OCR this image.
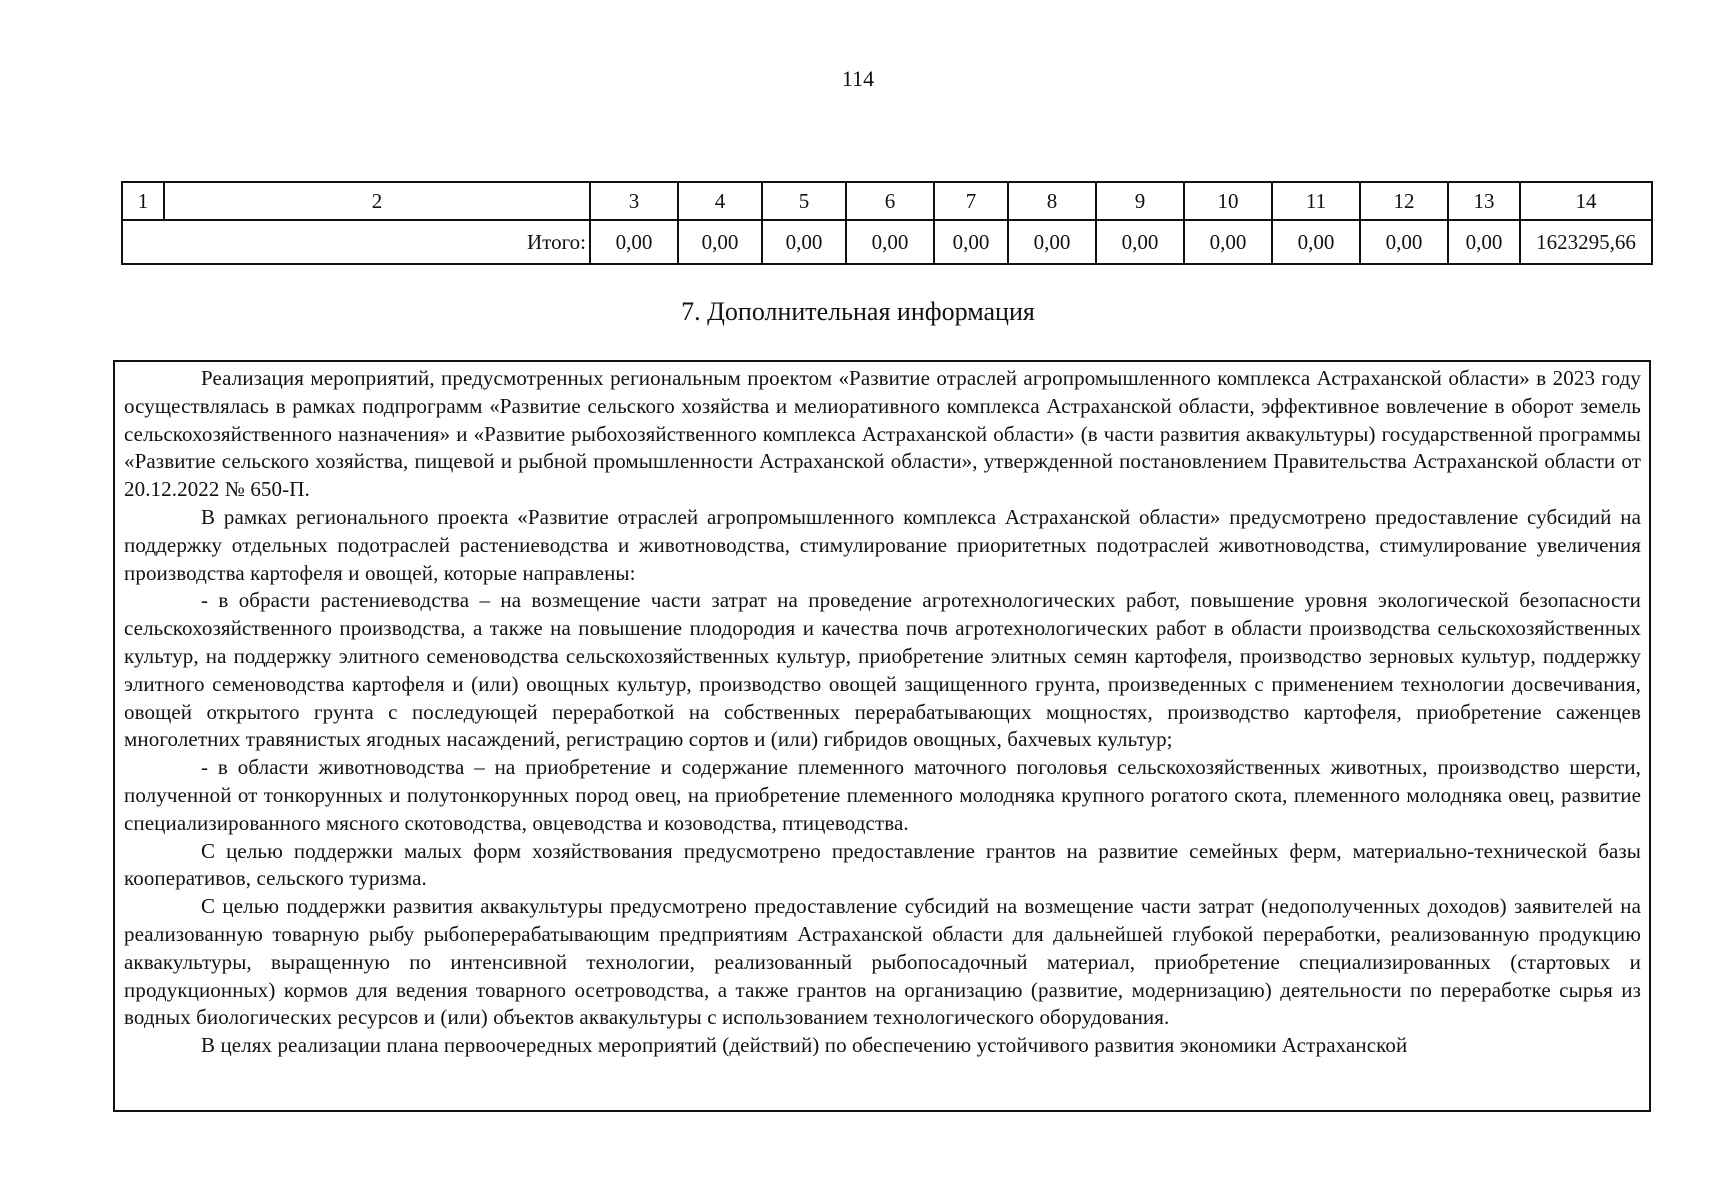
114
1	2	3	4	5	6	7	8	9	10	11	12	13	14
Итого:		0,00	0,00	0,00	0,00	0,00	0,00	0,00	0,00	0,00	0,00	0,00	1623295,66
7. Дополнительная информация

Реализация мероприятий, предусмотренных региональным проектом «Развитие отраслей агропромышленного комплекса Астраханской области» в 2023 году осуществлялась в рамках подпрограмм «Развитие сельского хозяйства и мелиоративного комплекса Астраханской области, эффективное вовлечение в оборот земель сельскохозяйственного назначения» и «Развитие рыбохозяйственного комплекса Астраханской области» (в части развития аквакультуры) государственной программы «Развитие сельского хозяйства, пищевой и рыбной промышленности Астраханской области», утвержденной постановлением Правительства Астраханской области от 20.12.2022 № 650-П.

В рамках регионального проекта «Развитие отраслей агропромышленного комплекса Астраханской области» предусмотрено предоставление субсидий на поддержку отдельных подотраслей растениеводства и животноводства, стимулирование приоритетных подотраслей животноводства, стимулирование увеличения производства картофеля и овощей, которые направлены:

- в обрасти растениеводства – на возмещение части затрат на проведение агротехнологических работ, повышение уровня экологической безопасности сельскохозяйственного производства, а также на повышение плодородия и качества почв агротехнологических работ в области производства сельскохозяйственных культур, на поддержку элитного семеноводства сельскохозяйственных культур, приобретение элитных семян картофеля, производство зерновых культур, поддержку элитного семеноводства картофеля и (или) овощных культур, производство овощей защищенного грунта, произведенных с применением технологии досвечивания, овощей открытого грунта с последующей переработкой на собственных перерабатывающих мощностях, производство картофеля, приобретение саженцев многолетних травянистых ягодных насаждений, регистрацию сортов и (или) гибридов овощных, бахчевых культур;

- в области животноводства – на приобретение и содержание племенного маточного поголовья сельскохозяйственных животных, производство шерсти, полученной от тонкорунных и полутонкорунных пород овец, на приобретение племенного молодняка крупного рогатого скота, племенного молодняка овец, развитие специализированного мясного скотоводства, овцеводства и козоводства, птицеводства.

С целью поддержки малых форм хозяйствования предусмотрено предоставление грантов на развитие семейных ферм, материально-технической базы кооперативов, сельского туризма.

С целью поддержки развития аквакультуры предусмотрено предоставление субсидий на возмещение части затрат (недополученных доходов) заявителей на реализованную товарную рыбу рыбоперерабатывающим предприятиям Астраханской области для дальнейшей глубокой переработки, реализованную продукцию аквакультуры, выращенную по интенсивной технологии, реализованный рыбопосадочный материал, приобретение специализированных (стартовых и продукционных) кормов для ведения товарного осетроводства, а также грантов на организацию (развитие, модернизацию) деятельности по переработке сырья из водных биологических ресурсов и (или) объектов аквакультуры с использованием технологического оборудования.

В целях реализации плана первоочередных мероприятий (действий) по обеспечению устойчивого развития экономики Астраханской
